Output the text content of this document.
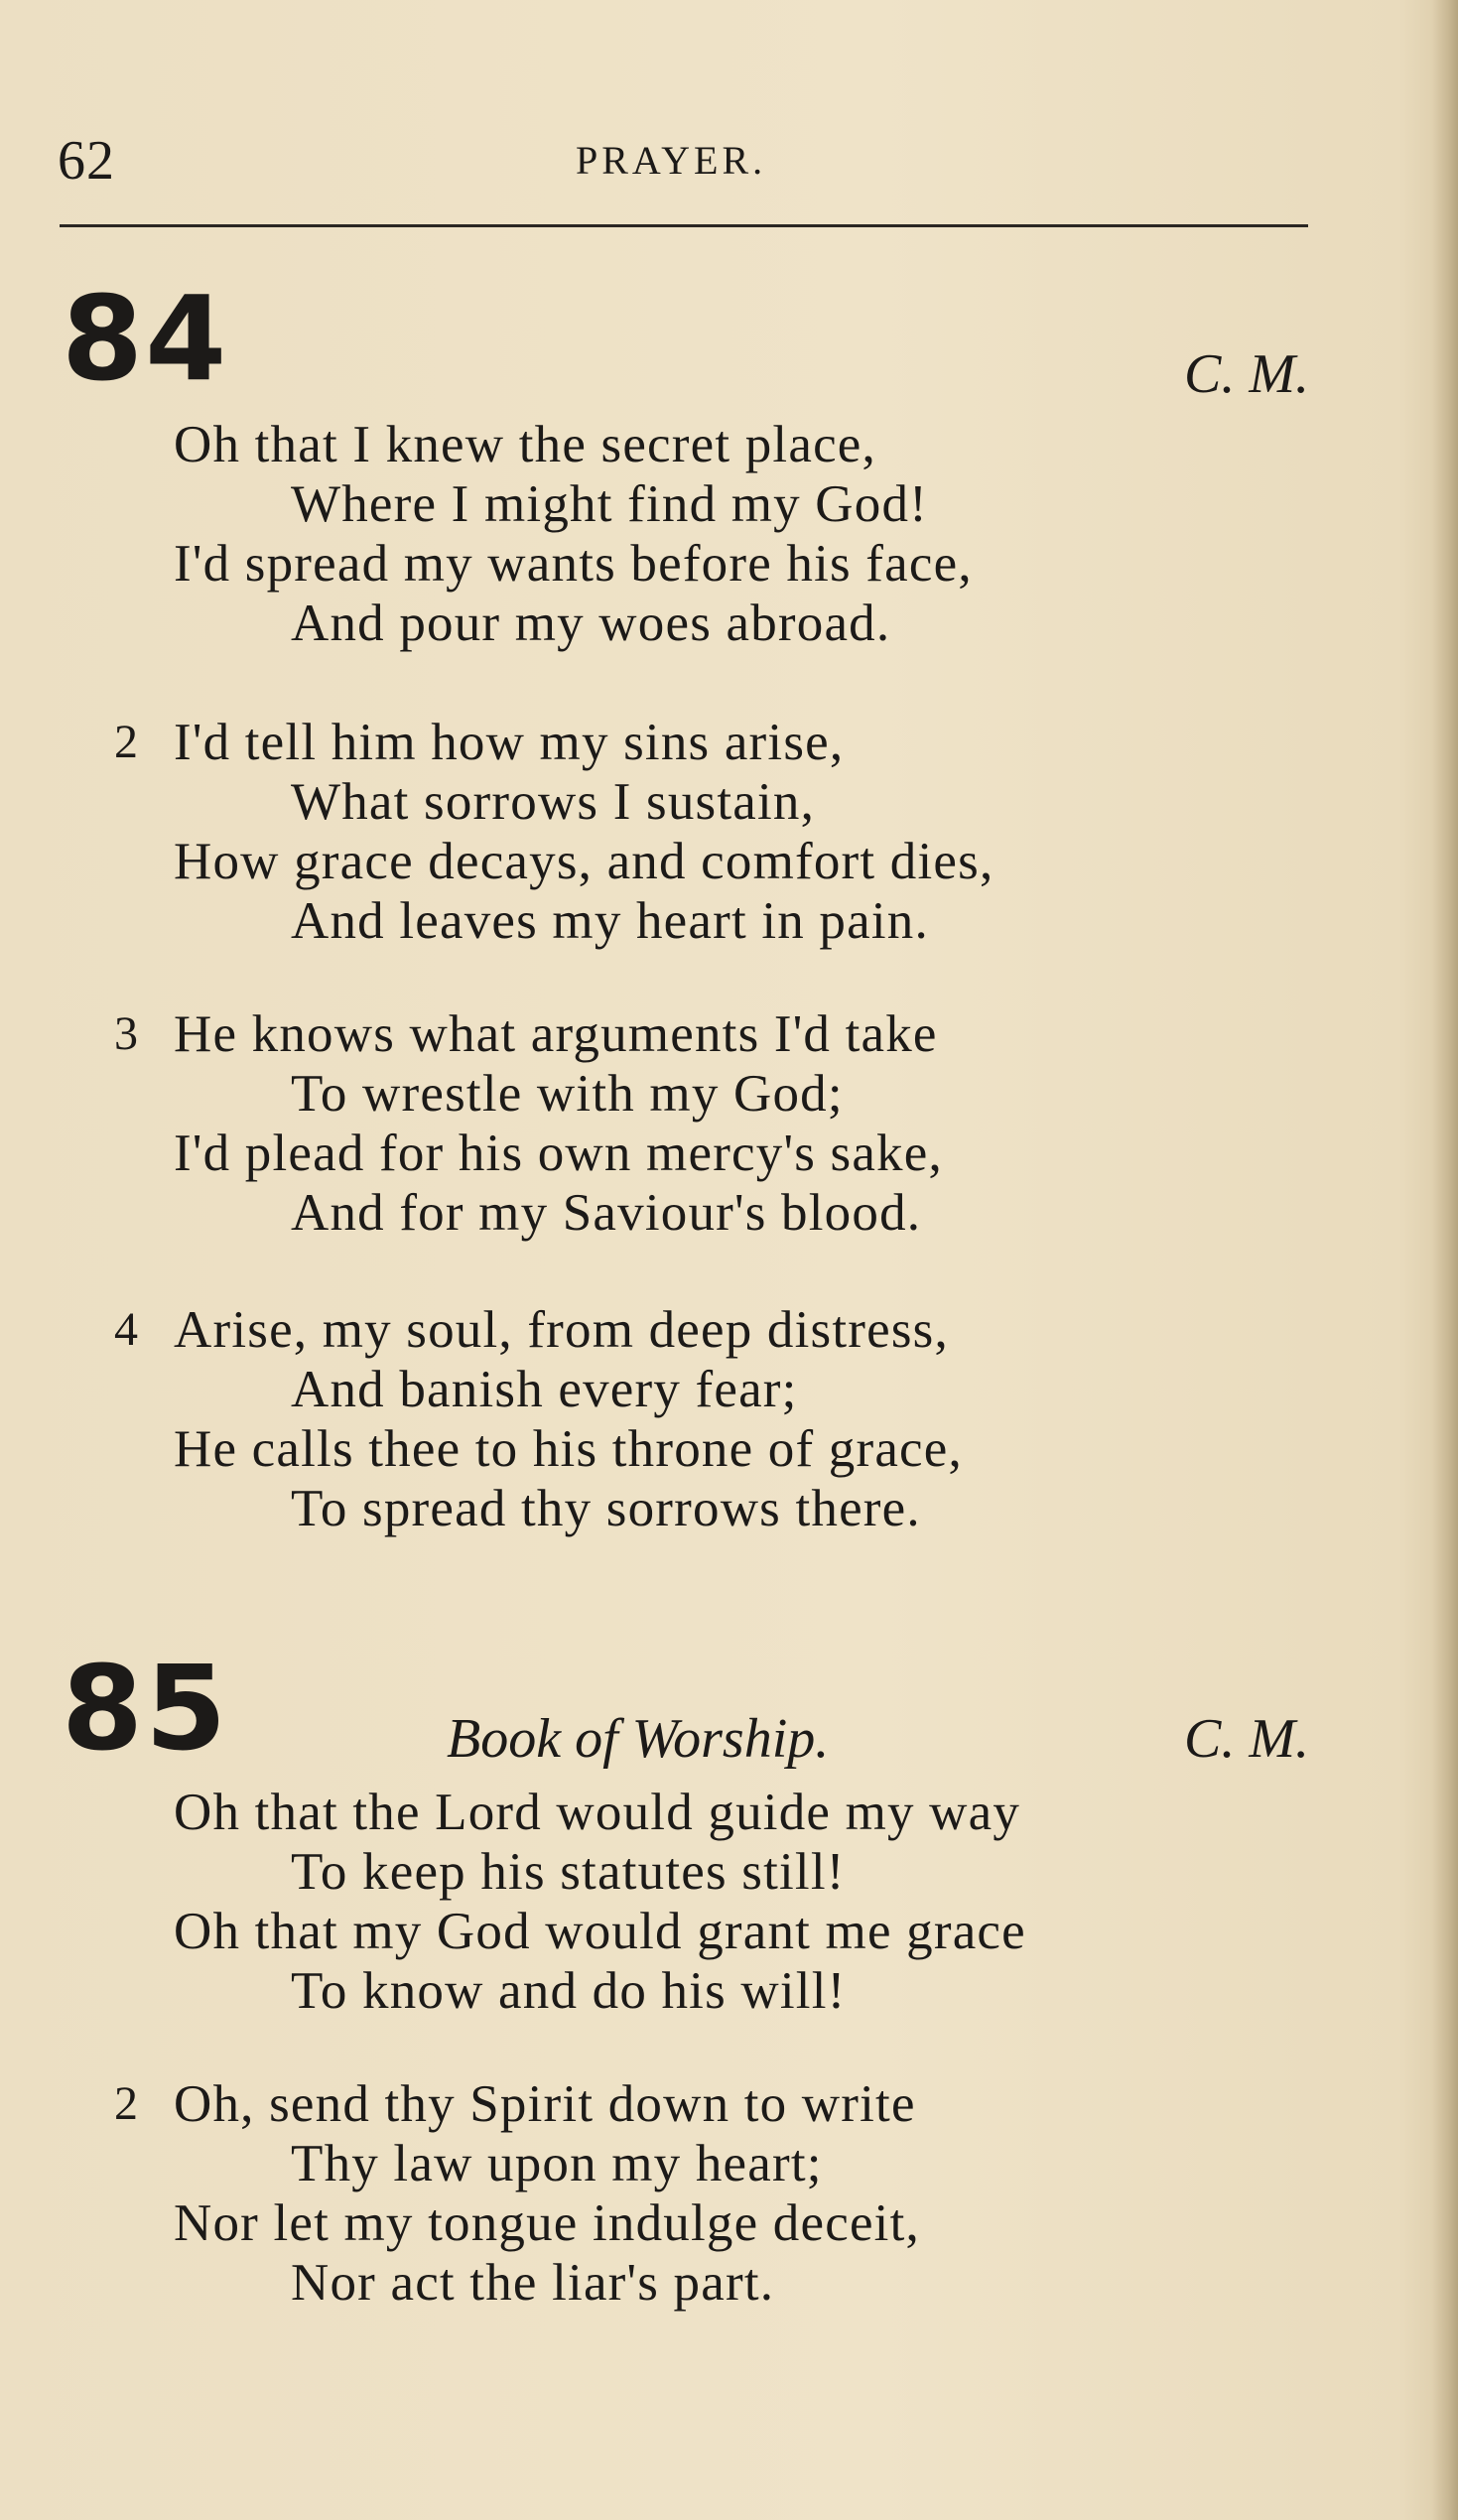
62	PRAYER.
84	C. M.
Oh that I knew the secret place,
Where I might find my God!
I'd spread my wants before his face,
And pour my woes abroad.
2 I'd tell him how my sins arise,
What sorrows I sustain,
How grace decays, and comfort dies,
And leaves my heart in pain.
3 He knows what arguments I'd take
To wrestle with my God;
I'd plead for his own mercy's sake,
And for my Saviour's blood.
4 Arise, my soul, from deep distress,
And banish every fear;
He calls thee to his throne of grace,
To spread thy sorrows there.
85	Book of Worship.	C. M.
Oh that the Lord would guide my way
To keep his statutes still!
Oh that my God would grant me grace
To know and do his will!
2 Oh, send thy Spirit down to write
Thy law upon my heart;
Nor let my tongue indulge deceit,
Nor act the liar's part.
